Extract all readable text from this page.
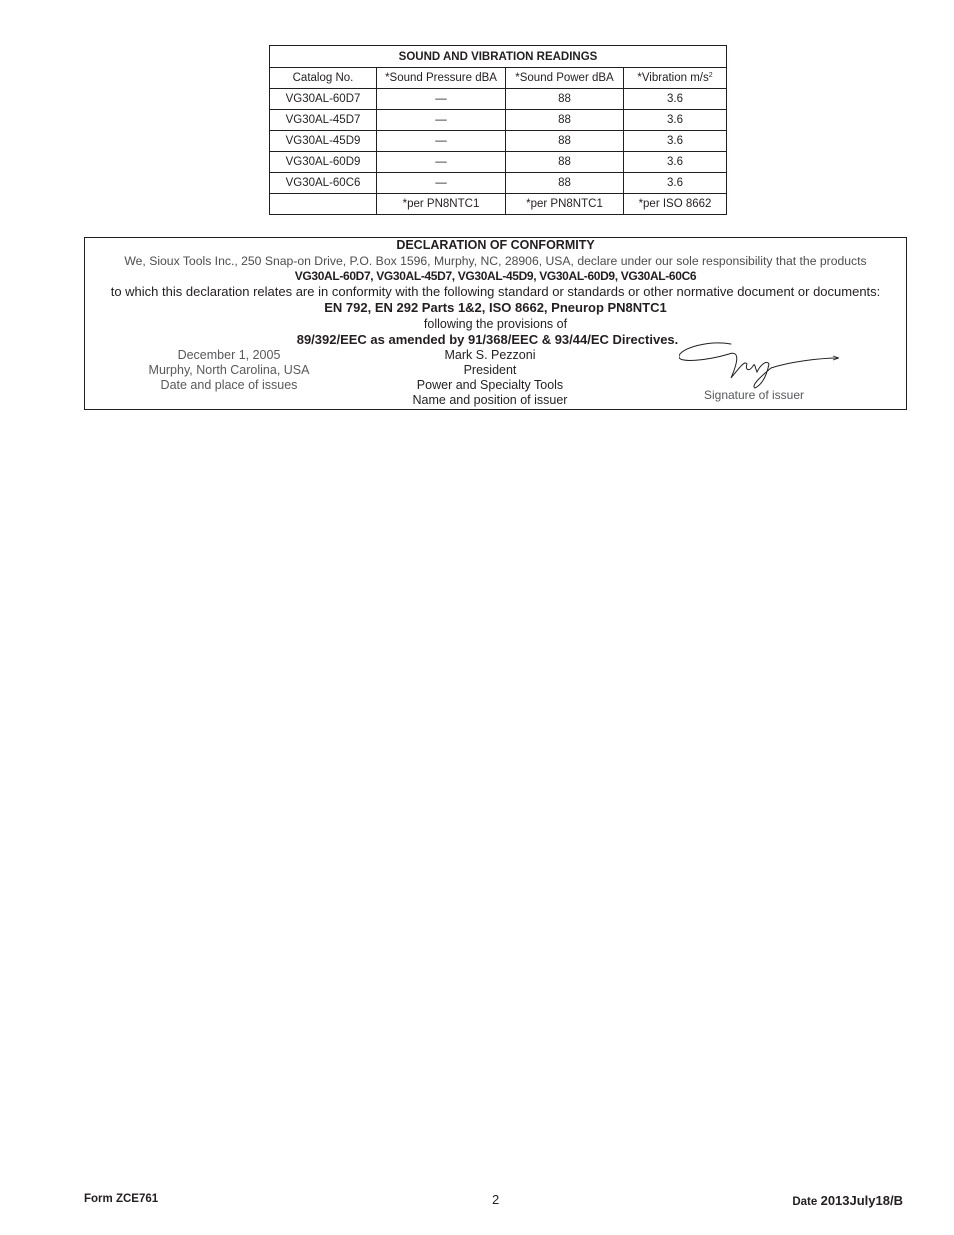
SOUND AND VIBRATION READINGS			
Catalog No.	*Sound Pressure dBA	*Sound Power dBA	*Vibration $m/s^2$
VG30AL-60D7	—	88	3.6
VG30AL-45D7	—	88	3.6
VG30AL-45D9	—	88	3.6
VG30AL-60D9	—	88	3.6
VG30AL-60C6	—	88	3.6
	*per PN8NTC1	*per PN8NTC1	*per ISO 8662
DECLARATION OF CONFORMITY
We, Sioux Tools Inc., 250 Snap-on Drive, P.O. Box 1596, Murphy, NC, 28906, USA, declare under our sole responsibility that the products
VG30AL-60D7, VG30AL-45D7, VG30AL-45D9, VG30AL-60D9, VG30AL-60C6
to which this declaration relates are in conformity with the following standard or standards or other normative document or documents:
EN 792, EN 292 Parts 1&2, ISO 8662, Pneurop PN8NTC1
following the provisions of
89/392/EEC as amended by 91/368/EEC & 93/44/EC Directives.
December 1, 2005
Murphy, North Carolina, USA
Date and place of issues
Mark S. Pezzoni
President
Power and Specialty Tools
Name and position of issuer	Signature of issuer
Form ZCE761	2	Date 2013July18/B
